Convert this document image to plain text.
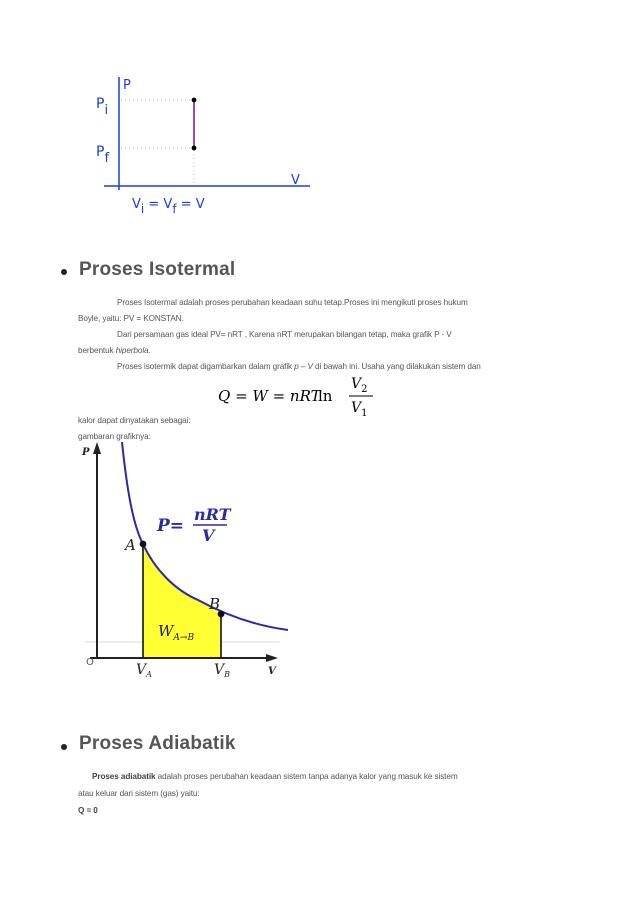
P
Pi
Pf
V
Vi = Vf = V
Proses Isotermal
Proses Isotermal adalah proses perubahan keadaan suhu tetap.Proses ini mengikuti proses hukum
Boyle, yaitu: PV = KONSTAN.
Dari persamaan gas ideal PV= nRT , Karena nRT merupakan bilangan tetap, maka grafik P - V
berbentuk hiperbola.
Proses isotermik dapat digambarkan dalam grafik p – V di bawah ini. Usaha yang dilakukan sistem dan
Q = W = nRT
ln
$V_2$
$V_1$
kalor dapat dinyatakan sebagai:
gambaran grafiknya:
P
V
O
A
B
P=
nRT
V
$W_{A\to B}$
$V_A$	$V_B$
Proses Adiabatik
Proses adiabatik adalah proses perubahan keadaan sistem tanpa adanya kalor yang masuk ke sistem
atau keluar dari sistem (gas) yaitu:
Q = 0
